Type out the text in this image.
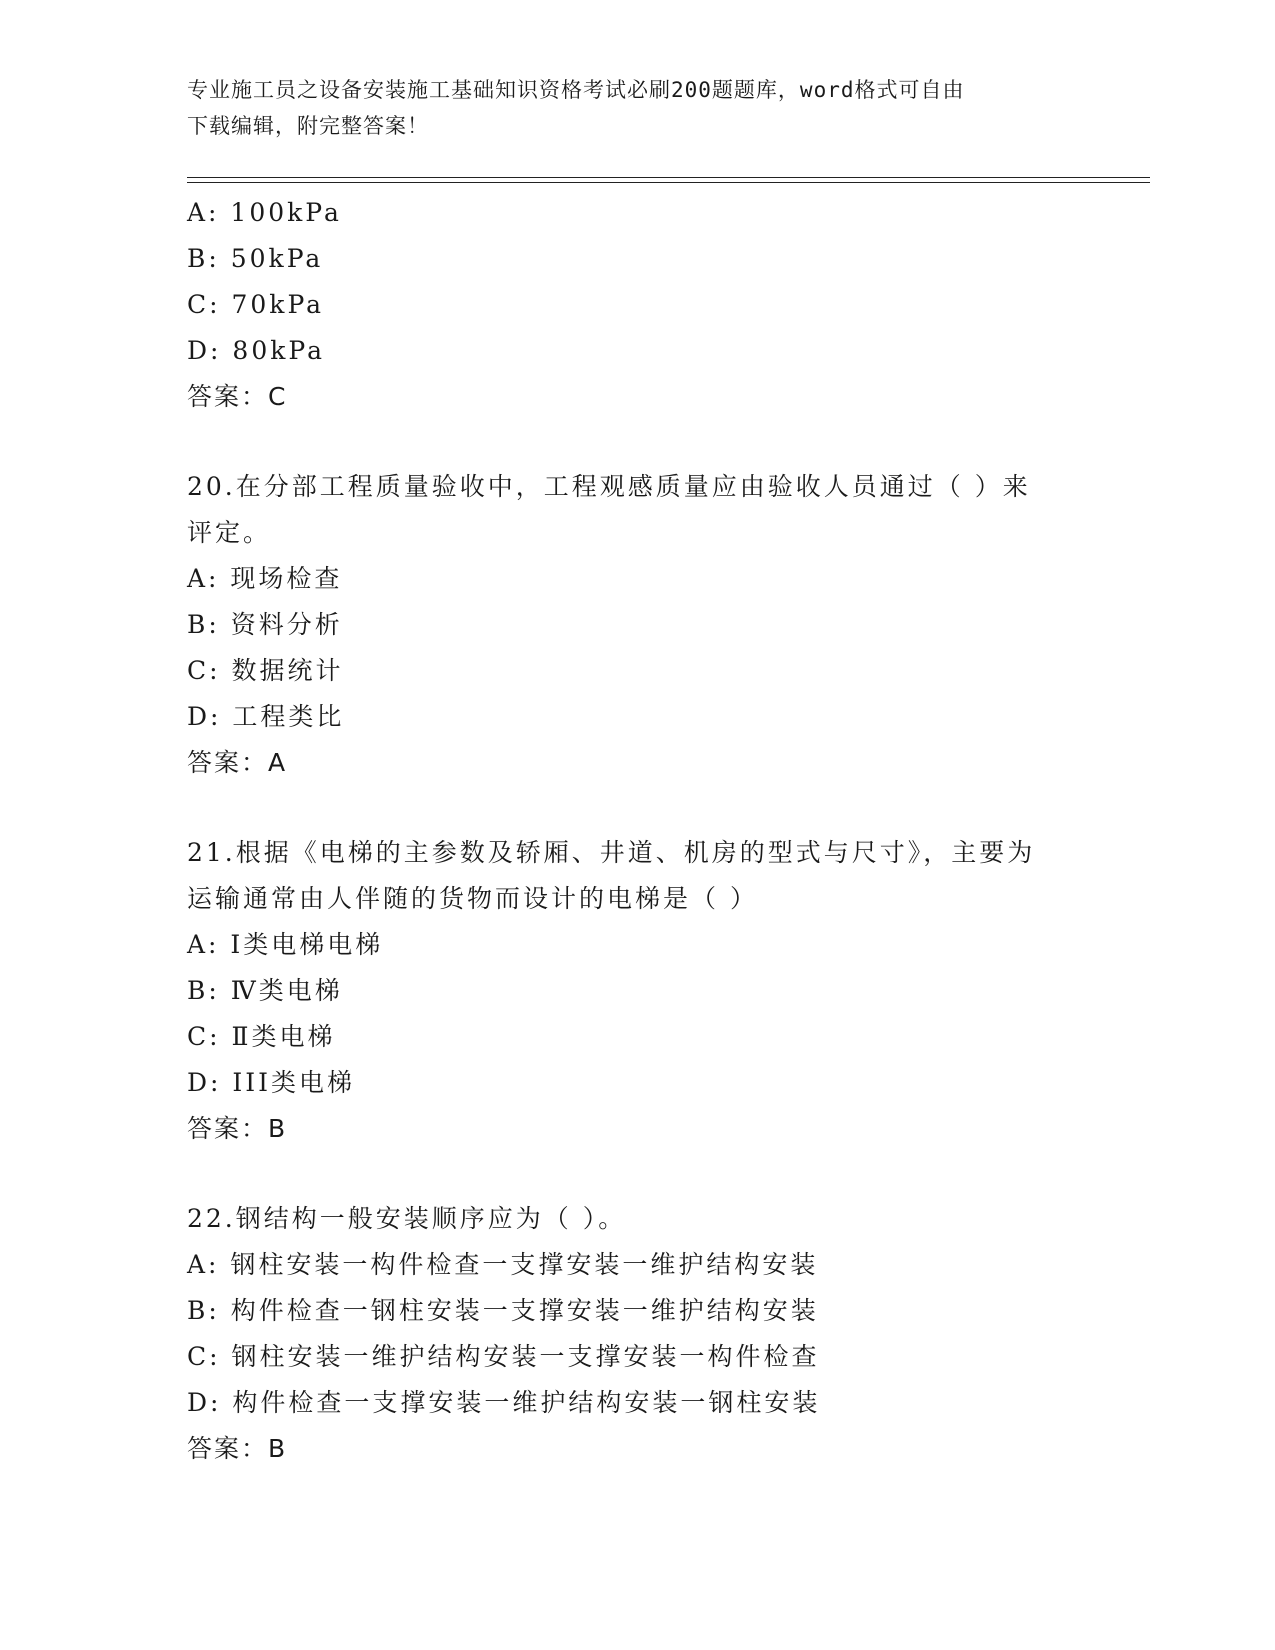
专业施工员之设备安装施工基础知识资格考试必刷200题题库，word格式可自由
下载编辑，附完整答案！
A: 100kPa
B: 50kPa
C: 70kPa
D: 80kPa
答案：C
20.在分部工程质量验收中，工程观感质量应由验收人员通过（ ）来
评定。
A: 现场检查
B: 资料分析
C: 数据统计
D: 工程类比
答案：A
21.根据《电梯的主参数及轿厢、井道、机房的型式与尺寸》，主要为
运输通常由人伴随的货物而设计的电梯是（ ）
A: Ⅰ类电梯电梯
B: Ⅳ类电梯
C: Ⅱ类电梯
D: III类电梯
答案：B
22.钢结构一般安装顺序应为（ ）。
A: 钢柱安装一构件检查一支撑安装一维护结构安装
B: 构件检查一钢柱安装一支撑安装一维护结构安装
C: 钢柱安装一维护结构安装一支撑安装一构件检查
D: 构件检查一支撑安装一维护结构安装一钢柱安装
答案：B
